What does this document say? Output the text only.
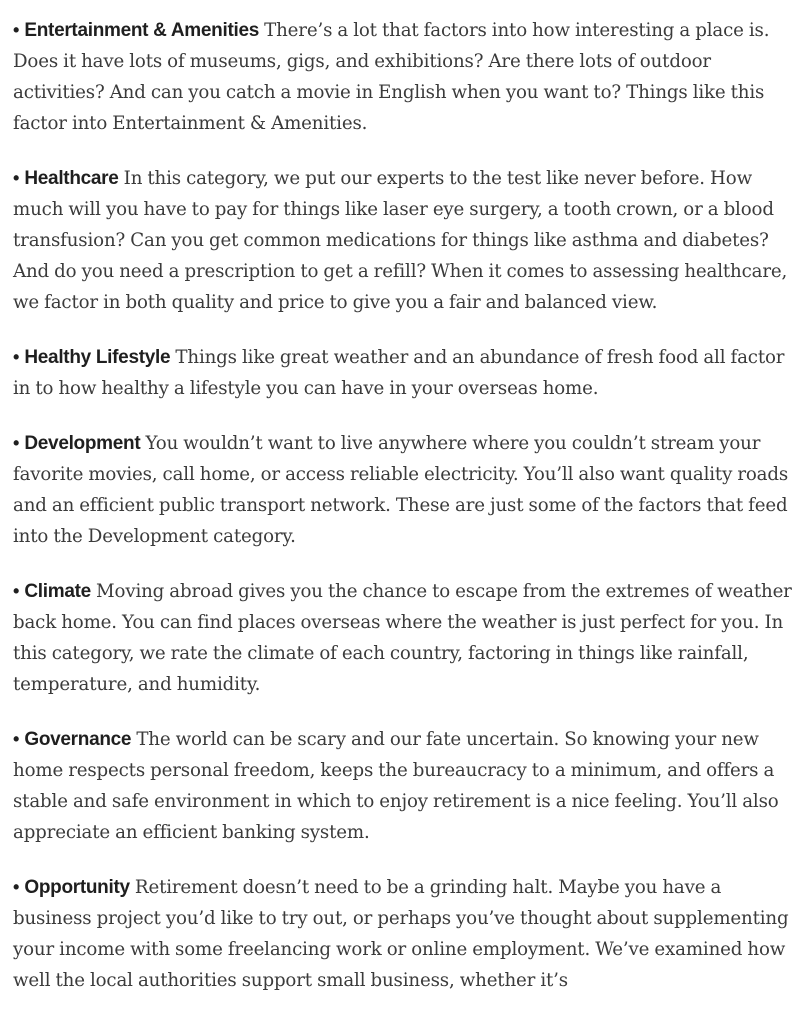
• Entertainment & Amenities There’s a lot that factors into how interesting a place is. Does it have lots of museums, gigs, and exhibitions? Are there lots of outdoor activities? And can you catch a movie in English when you want to? Things like this factor into Entertainment & Amenities.

• Healthcare In this category, we put our experts to the test like never before. How much will you have to pay for things like laser eye surgery, a tooth crown, or a blood transfusion? Can you get common medications for things like asthma and diabetes? And do you need a prescription to get a refill? When it comes to assessing healthcare, we factor in both quality and price to give you a fair and balanced view.

• Healthy Lifestyle Things like great weather and an abundance of fresh food all factor in to how healthy a lifestyle you can have in your overseas home.

• Development You wouldn’t want to live anywhere where you couldn’t stream your favorite movies, call home, or access reliable electricity. You’ll also want quality roads and an efficient public transport network. These are just some of the factors that feed into the Development category.

• Climate Moving abroad gives you the chance to escape from the extremes of weather back home. You can find places overseas where the weather is just perfect for you. In this category, we rate the climate of each country, factoring in things like rainfall, temperature, and humidity.

• Governance The world can be scary and our fate uncertain. So knowing your new home respects personal freedom, keeps the bureaucracy to a minimum, and offers a stable and safe environment in which to enjoy retirement is a nice feeling. You’ll also appreciate an efficient banking system.

• Opportunity Retirement doesn’t need to be a grinding halt. Maybe you have a business project you’d like to try out, or perhaps you’ve thought about supplementing your income with some freelancing work or online employment. We’ve examined how well the local authorities support small business, whether it’s
